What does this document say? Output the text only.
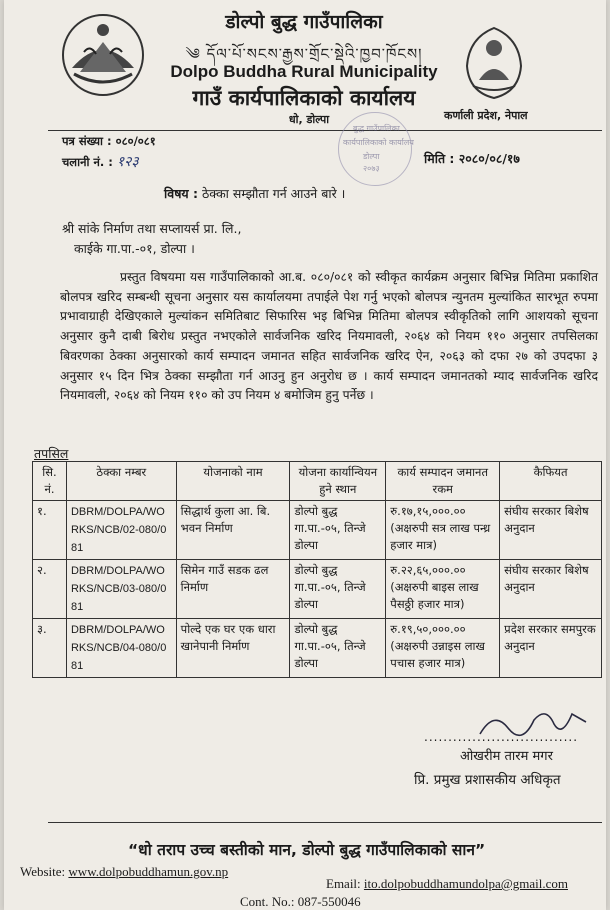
डोल्पो बुद्ध गाउँपालिका
༄ དོལ་པོ་སངས་རྒྱས་གྲོང་སྡེའི་ཁྱབ་ཁོངས།
Dolpo Buddha Rural Municipality
गाउँ कार्यपालिकाको कार्यालय
धो, डोल्पा	कर्णाली प्रदेश, नेपाल
बुद्ध गाउँपालिका
कार्यपालिकाको कार्यालय
डोल्पा
२०७३
पत्र संख्या : ०८०/०८१
चलानी नं. : १२३	मिति : २०८०/०८/१७
विषय : ठेक्का सम्झौता गर्न आउने बारे ।
श्री सांके निर्माण तथा सप्लायर्स प्रा. लि.,
काईके गा.पा.-०१, डोल्पा ।
प्रस्तुत विषयमा यस गाउँपालिकाको आ.ब. ०८०/०८१ को स्वीकृत कार्यक्रम अनुसार बिभिन्न मितिमा प्रकाशित बोलपत्र खरिद सम्बन्धी सूचना अनुसार यस कार्यालयमा तपाईले पेश गर्नु भएको बोलपत्र न्युनतम मुल्यांकित सारभूत रुपमा प्रभावाग्राही देखिएकाले मुल्यांकन समितिबाट सिफारिस भइ बिभिन्न मितिमा बोलपत्र स्वीकृतिको लागि आशयको सूचना अनुसार कुनै दाबी बिरोध प्रस्तुत नभएकोले सार्वजनिक खरिद नियमावली, २०६४ को नियम ११० अनुसार तपसिलका बिवरणका ठेक्का अनुसारको कार्य सम्पादन जमानत सहित सार्वजनिक खरिद ऐन, २०६३ को दफा २७ को उपदफा ३ अनुसार १५ दिन भित्र ठेक्का सम्झौता गर्न आउनु हुन अनुरोध छ । कार्य सम्पादन जमानतको म्याद सार्वजनिक खरिद नियमावली, २०६४ को नियम ११० को उप नियम ४ बमोजिम हुनु पर्नेछ ।
तपसिल
सि. नं.	ठेक्का नम्बर	योजनाको नाम	योजना कार्यान्वियन हुने स्थान	कार्य सम्पादन जमानत रकम	कैफियत
१.	DBRM/DOLPA/WORKS/NCB/02-080/081	सिद्धार्थ कुला आ. बि. भवन निर्माण	डोल्पो बुद्ध गा.पा.-०५, तिन्जे डोल्पा	रु.१७,१५,०००.००
(अक्षरुपी सत्र लाख पन्ध्र हजार मात्र)	संघीय सरकार बिशेष अनुदान
२.	DBRM/DOLPA/WORKS/NCB/03-080/081	सिमेन गाउँ सडक ढल निर्माण	डोल्पो बुद्ध गा.पा.-०५, तिन्जे डोल्पा	रु.२२,६५,०००.००
(अक्षरुपी बाइस लाख पैसठ्ठी हजार मात्र)	संघीय सरकार बिशेष अनुदान
३.	DBRM/DOLPA/WORKS/NCB/04-080/081	पोल्दे एक घर एक धारा खानेपानी निर्माण	डोल्पो बुद्ध गा.पा.-०५, तिन्जे डोल्पा	रु.१९,५०,०००.००
(अक्षरुपी उन्नाइस लाख पचास हजार मात्र)	प्रदेश सरकार समपुरक अनुदान
................................
ओखरीम तारम मगर
प्रि. प्रमुख प्रशासकीय अधिकृत
“धो तराप उच्च बस्तीको मान, डोल्पो बुद्ध गाउँपालिकाको सान”
Website: www.dolpobuddhamun.gov.np
Email: ito.dolpobuddhamundolpa@gmail.com
Cont. No.: 087-550046
